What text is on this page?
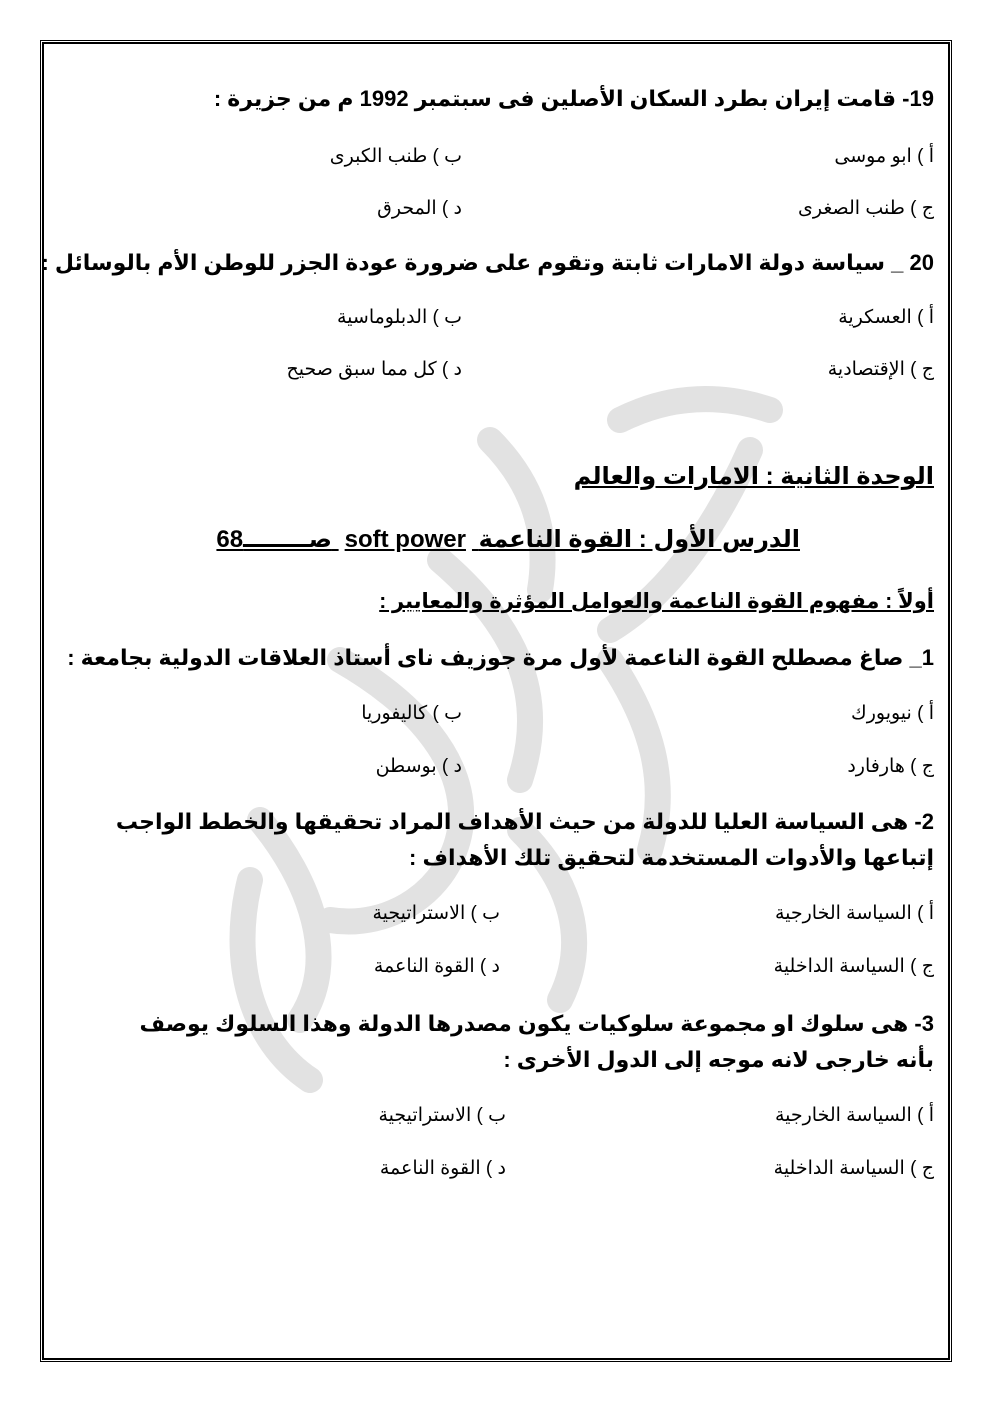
19- قامت إيران بطرد السكان الأصلين فى سبتمبر 1992 م من جزيرة :
أ ) ابو موسى
ب ) طنب الكبرى
ج ) طنب الصغرى
د ) المحرق
20 _ سياسة دولة الامارات ثابتة وتقوم على ضرورة عودة الجزر للوطن الأم بالوسائل :
أ ) العسكرية
ب ) الدبلوماسية
ج ) الإقتصادية
د ) كل مما سبق صحيح
الوحدة الثانية : الامارات والعالم
الدرس الأول : القوة الناعمة soft power صــــــــ68
أولاً : مفهوم القوة الناعمة والعوامل المؤثرة والمعايير :
1_ صاغ مصطلح القوة الناعمة لأول مرة جوزيف ناى أستاذ العلاقات الدولية بجامعة :
أ ) نيويورك
ب ) كاليفوريا
ج ) هارفارد
د ) بوسطن
2- هى السياسة العليا للدولة من حيث الأهداف المراد تحقيقها والخطط الواجب إتباعها والأدوات المستخدمة لتحقيق تلك الأهداف :
أ ) السياسة الخارجية
ب ) الاستراتيجية
ج ) السياسة الداخلية
د ) القوة الناعمة
3- هى سلوك او مجموعة سلوكيات يكون مصدرها الدولة وهذا السلوك يوصف بأنه خارجى لانه موجه إلى الدول الأخرى :
أ ) السياسة الخارجية
ب ) الاستراتيجية
ج ) السياسة الداخلية
د ) القوة الناعمة
